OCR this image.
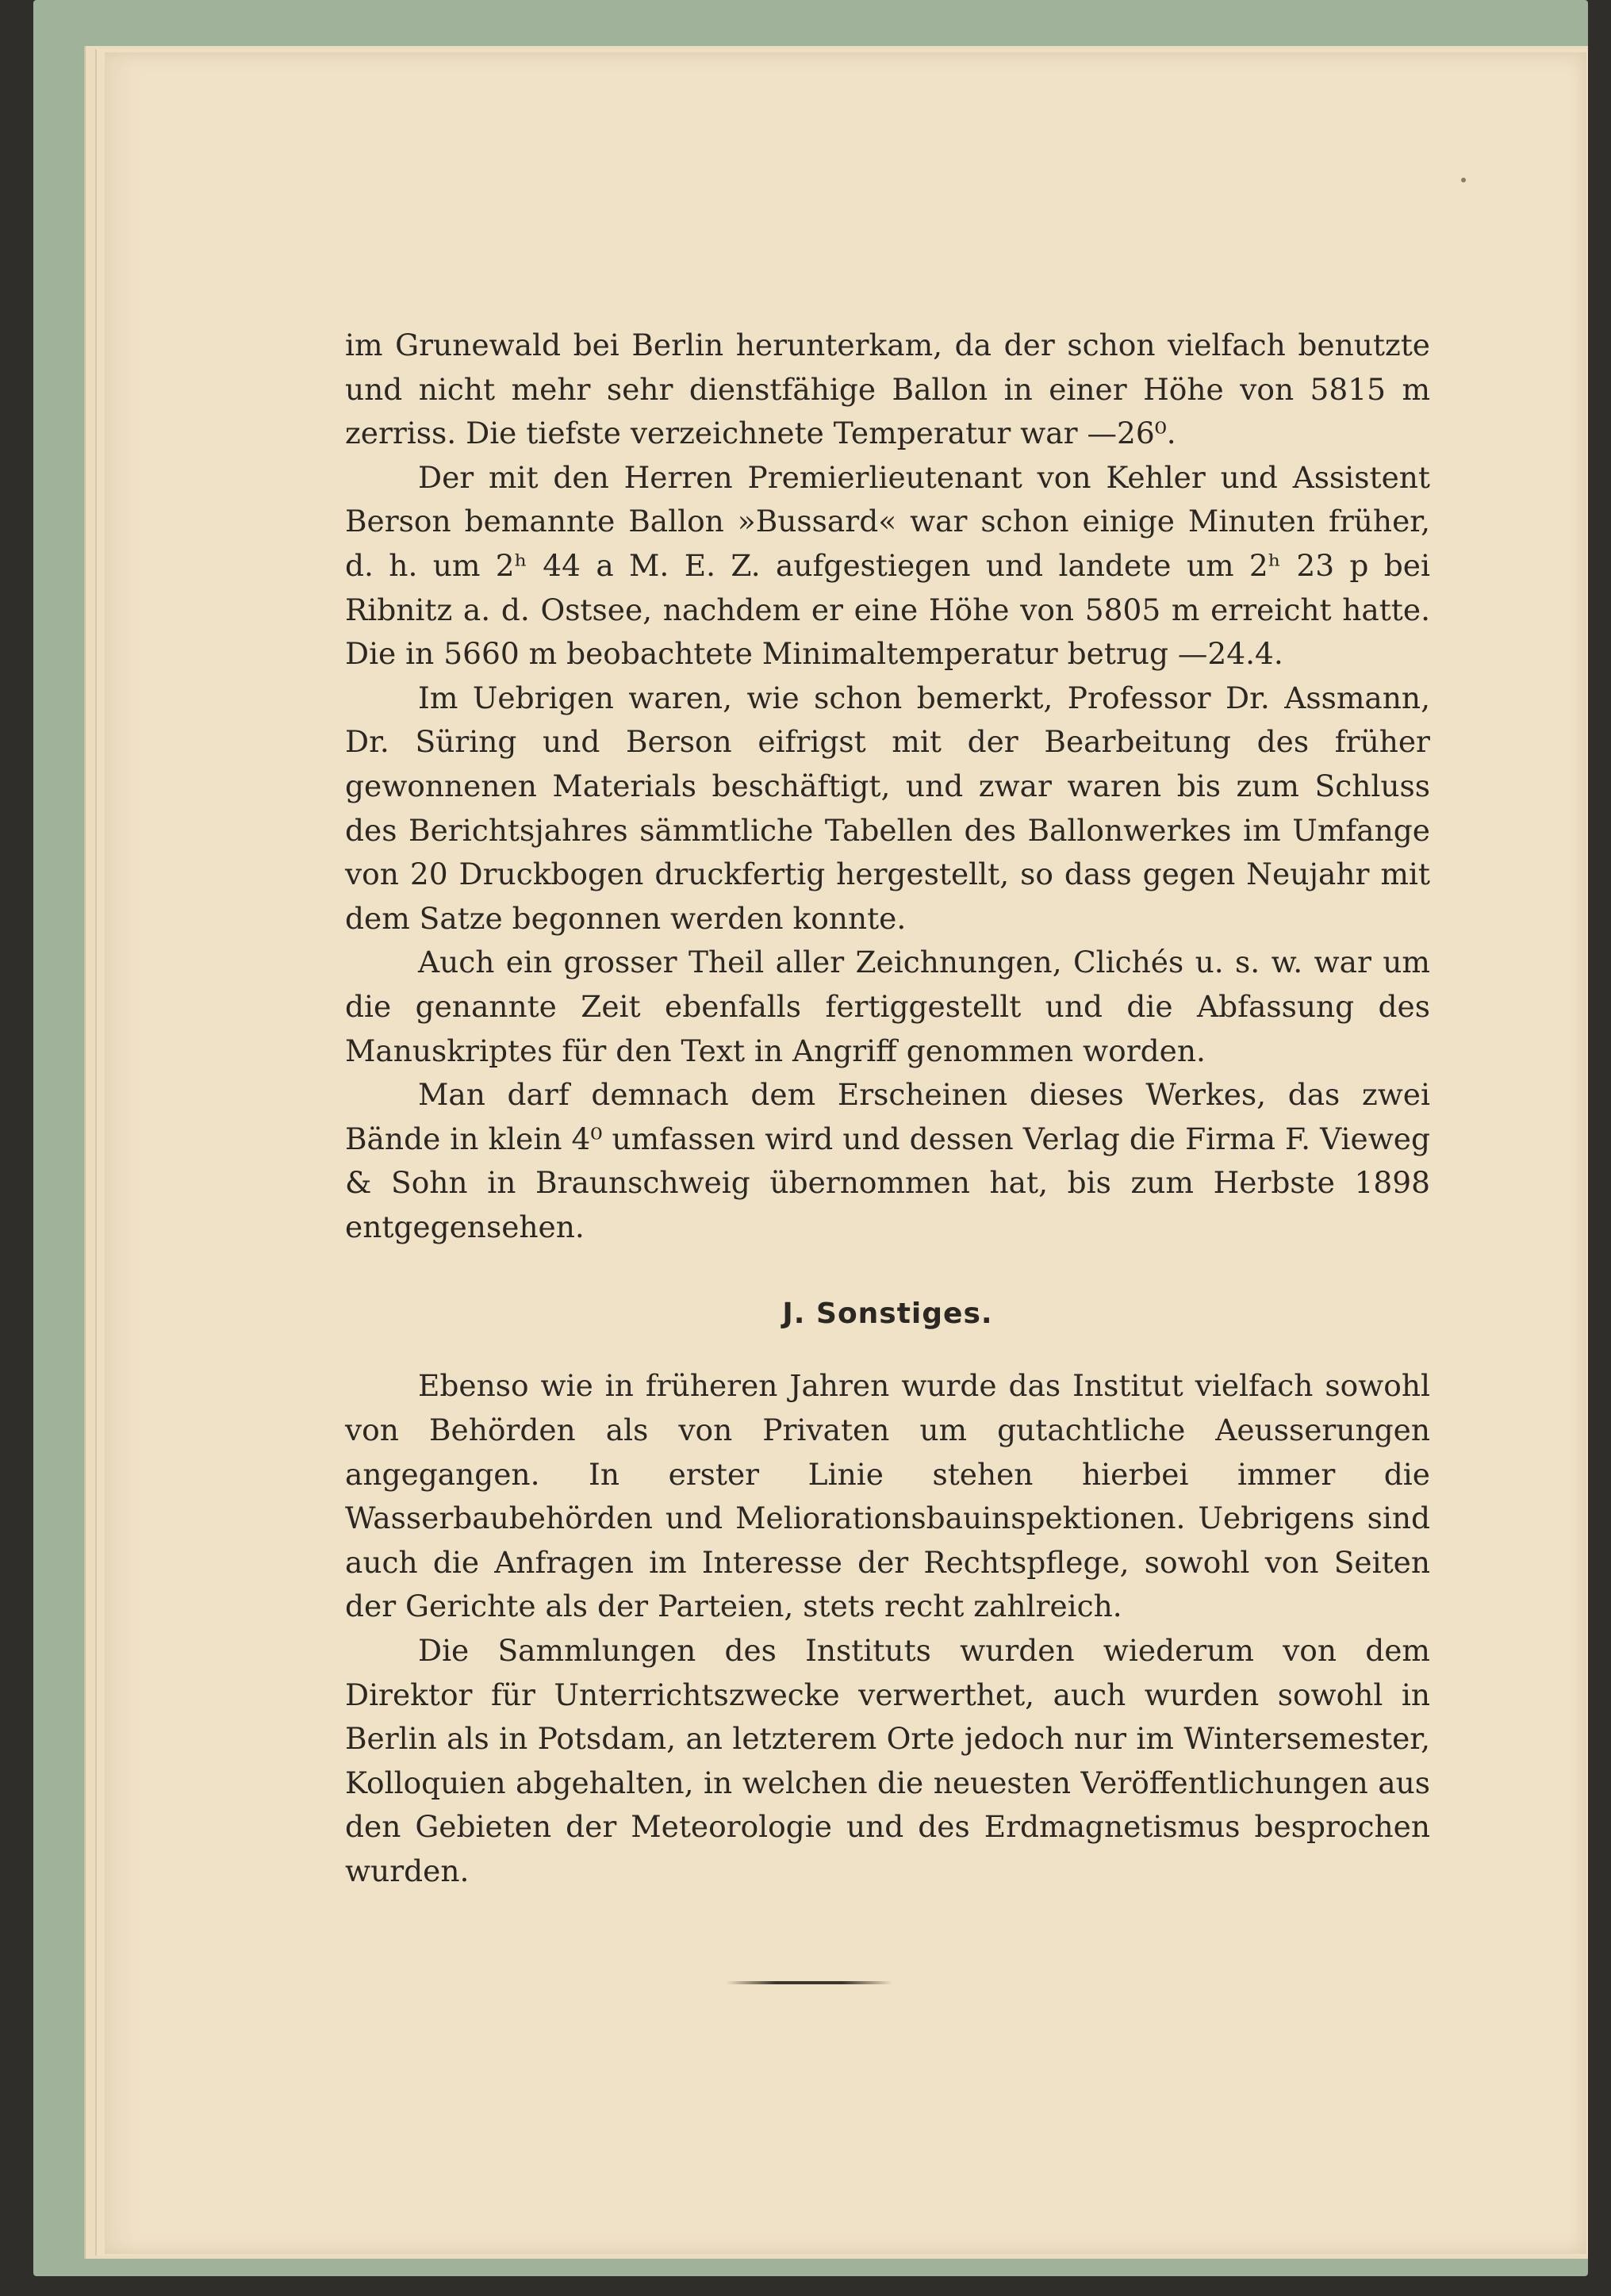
im Grunewald bei Berlin herunterkam, da der schon vielfach benutzte und nicht mehr sehr dienstfähige Ballon in einer Höhe von 5815 m zerriss. Die tiefste verzeichnete Temperatur war —26⁰.

Der mit den Herren Premierlieutenant von Kehler und Assistent Berson bemannte Ballon »Bussard« war schon einige Minuten früher, d. h. um 2ʰ 44 a M. E. Z. aufgestiegen und landete um 2ʰ 23 p bei Ribnitz a. d. Ostsee, nachdem er eine Höhe von 5805 m erreicht hatte. Die in 5660 m beobachtete Minimaltemperatur betrug —24.4.

Im Uebrigen waren, wie schon bemerkt, Professor Dr. Assmann, Dr. Süring und Berson eifrigst mit der Bearbeitung des früher gewonnenen Materials beschäftigt, und zwar waren bis zum Schluss des Berichtsjahres sämmtliche Tabellen des Ballonwerkes im Umfange von 20 Druckbogen druckfertig hergestellt, so dass gegen Neujahr mit dem Satze begonnen werden konnte.

Auch ein grosser Theil aller Zeichnungen, Clichés u. s. w. war um die genannte Zeit ebenfalls fertiggestellt und die Abfassung des Manuskriptes für den Text in Angriff genommen worden.

Man darf demnach dem Erscheinen dieses Werkes, das zwei Bände in klein 4⁰ umfassen wird und dessen Verlag die Firma F. Vieweg & Sohn in Braunschweig übernommen hat, bis zum Herbste 1898 entgegensehen.

J. Sonstiges.

Ebenso wie in früheren Jahren wurde das Institut vielfach sowohl von Behörden als von Privaten um gutachtliche Aeusserungen angegangen. In erster Linie stehen hierbei immer die Wasserbaubehörden und Meliorationsbauinspektionen. Uebrigens sind auch die Anfragen im Interesse der Rechtspflege, sowohl von Seiten der Gerichte als der Parteien, stets recht zahlreich.

Die Sammlungen des Instituts wurden wiederum von dem Direktor für Unterrichtszwecke verwerthet, auch wurden sowohl in Berlin als in Potsdam, an letzterem Orte jedoch nur im Wintersemester, Kolloquien abgehalten, in welchen die neuesten Veröffentlichungen aus den Gebieten der Meteorologie und des Erdmagnetismus besprochen wurden.
